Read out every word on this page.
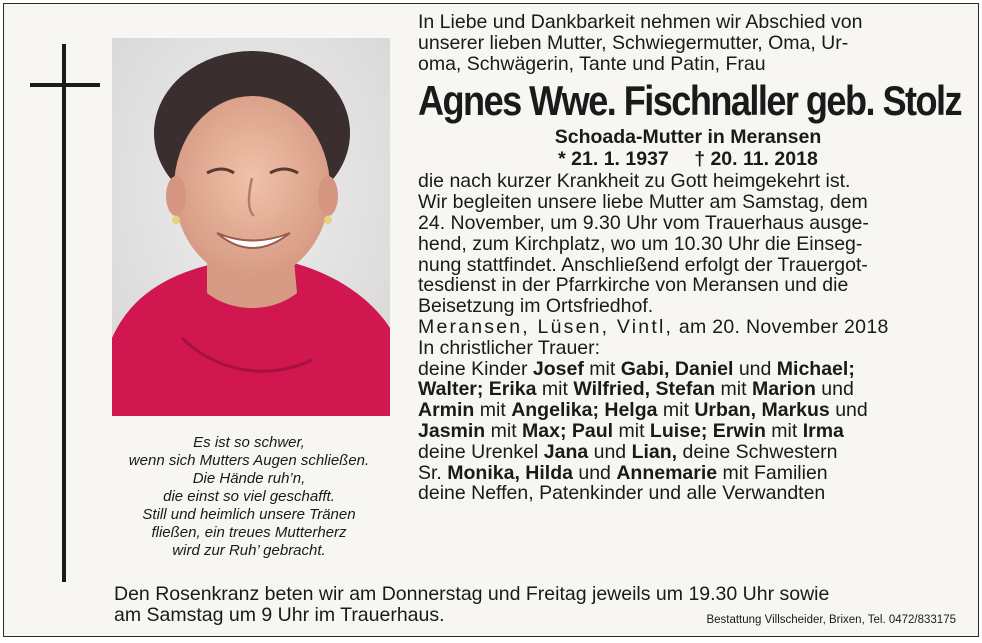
Es ist so schwer,
wenn sich Mutters Augen schließen.
Die Hände ruh’n,
die einst so viel geschafft.
Still und heimlich unsere Tränen
fließen, ein treues Mutterherz
wird zur Ruh’ gebracht.
In Liebe und Dankbarkeit nehmen wir Abschied von
unserer lieben Mutter, Schwiegermutter, Oma, Ur-
oma, Schwägerin, Tante und Patin, Frau
Agnes Wwe. Fischnaller geb. Stolz
Schoada-Mutter in Meransen
* 21. 1. 1937 † 20. 11. 2018
die nach kurzer Krankheit zu Gott heimgekehrt ist.
Wir begleiten unsere liebe Mutter am Samstag, dem
24. November, um 9.30 Uhr vom Trauerhaus ausge-
hend, zum Kirchplatz, wo um 10.30 Uhr die Einseg-
nung stattfindet. Anschließend erfolgt der Trauergot-
tesdienst in der Pfarrkirche von Meransen und die
Beisetzung im Ortsfriedhof.
Meransen, Lüsen, Vintl, am 20. November 2018
In christlicher Trauer:
deine Kinder Josef mit Gabi, Daniel und Michael;
Walter; Erika mit Wilfried, Stefan mit Marion und
Armin mit Angelika; Helga mit Urban, Markus und
Jasmin mit Max; Paul mit Luise; Erwin mit Irma
deine Urenkel Jana und Lian, deine Schwestern
Sr. Monika, Hilda und Annemarie mit Familien
deine Neffen, Patenkinder und alle Verwandten
Den Rosenkranz beten wir am Donnerstag und Freitag jeweils um 19.30 Uhr sowie
am Samstag um 9 Uhr im Trauerhaus.	Bestattung Villscheider, Brixen, Tel. 0472/833175
